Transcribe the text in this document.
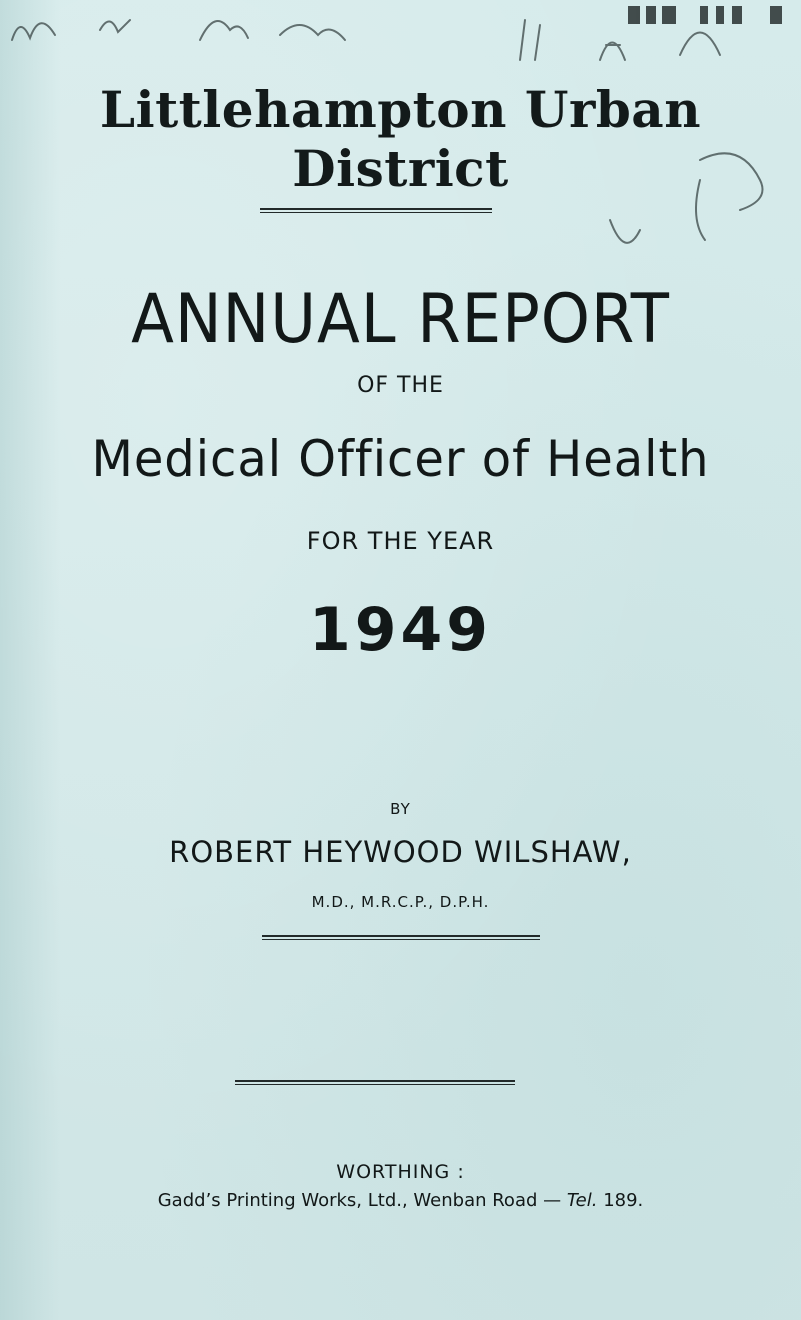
Littlehampton Urban District
ANNUAL REPORT
OF THE
Medical Officer of Health
FOR THE YEAR
1949
BY
ROBERT HEYWOOD WILSHAW,
M.D., M.R.C.P., D.P.H.
WORTHING :
Gadd’s Printing Works, Ltd., Wenban Road — Tel. 189.
